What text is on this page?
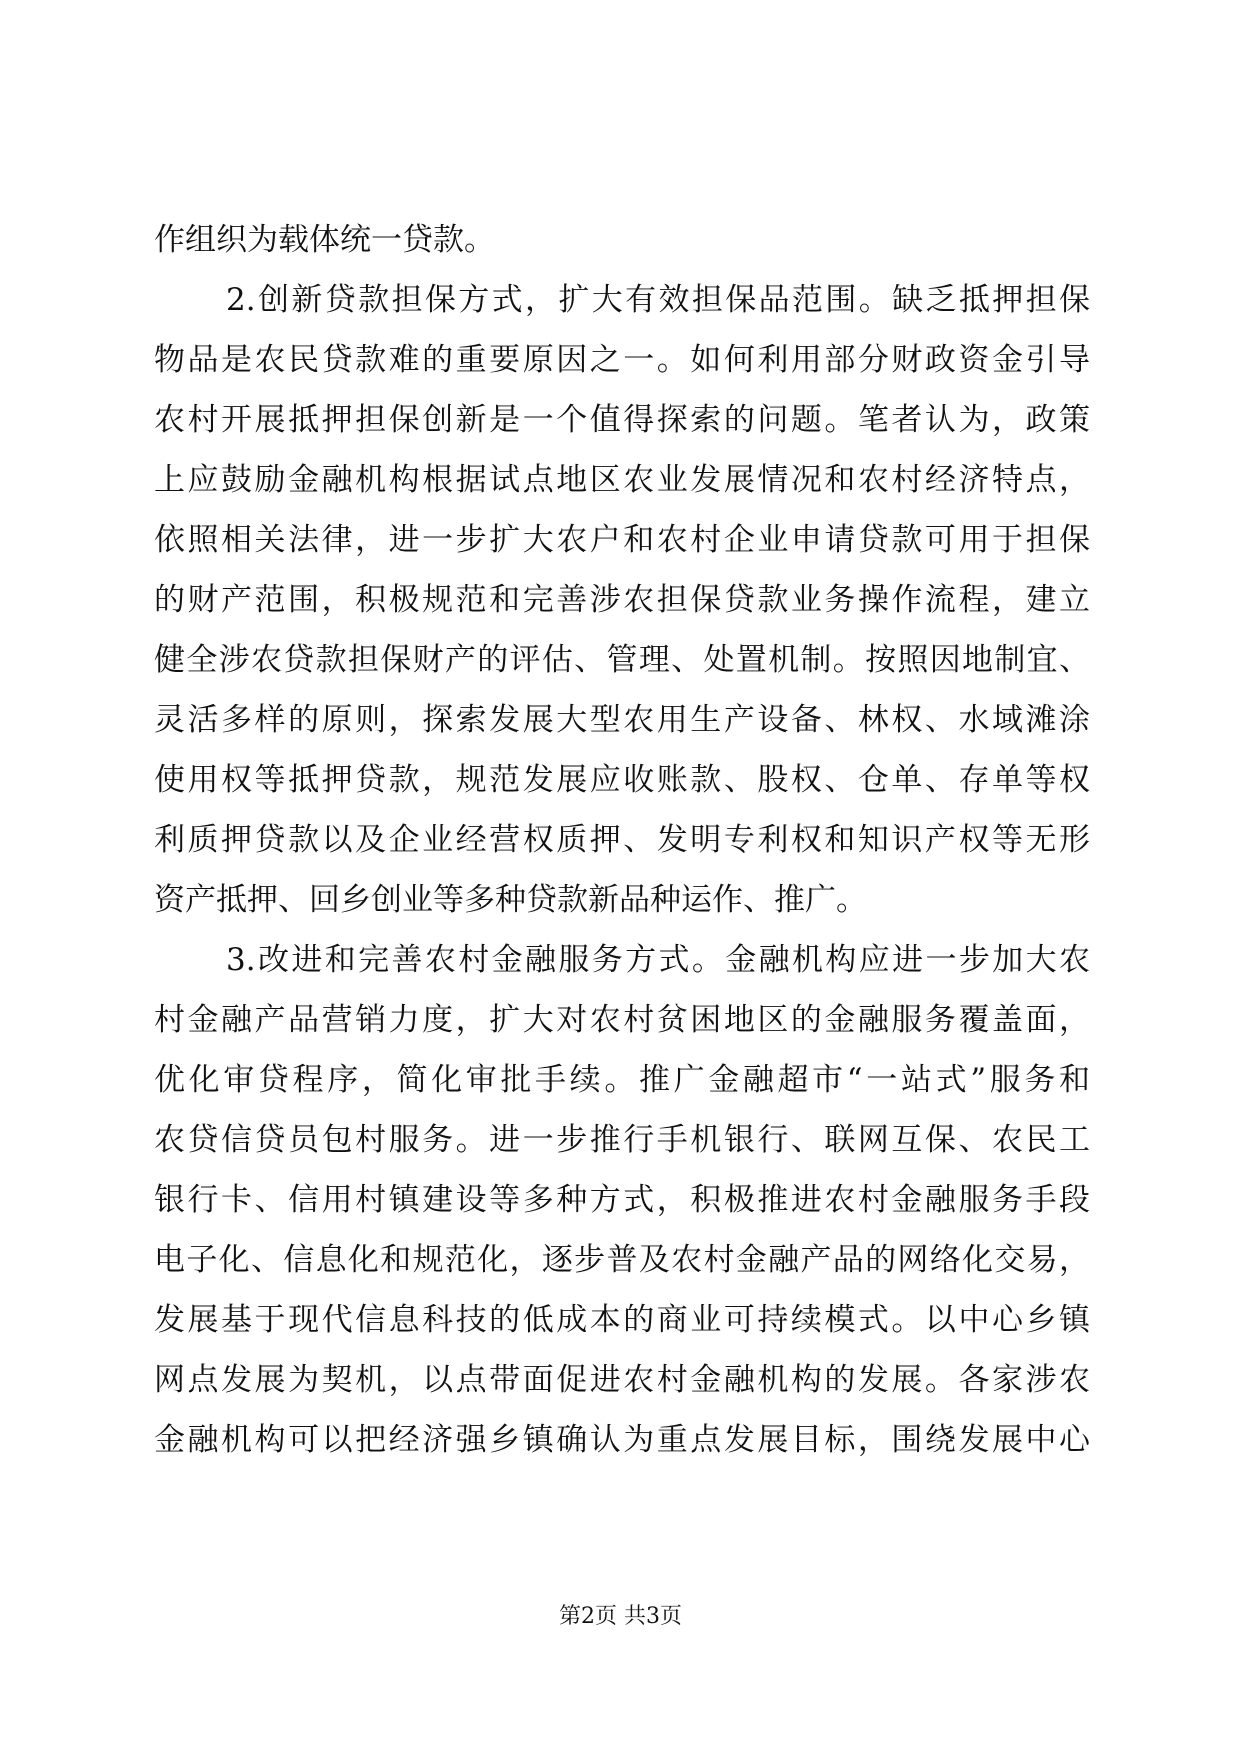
作组织为载体统一贷款。
2.创新贷款担保方式，扩大有效担保品范围。缺乏抵押担保
物品是农民贷款难的重要原因之一。如何利用部分财政资金引导
农村开展抵押担保创新是一个值得探索的问题。笔者认为，政策
上应鼓励金融机构根据试点地区农业发展情况和农村经济特点，
依照相关法律，进一步扩大农户和农村企业申请贷款可用于担保
的财产范围，积极规范和完善涉农担保贷款业务操作流程，建立
健全涉农贷款担保财产的评估、管理、处置机制。按照因地制宜、
灵活多样的原则，探索发展大型农用生产设备、林权、水域滩涂
使用权等抵押贷款，规范发展应收账款、股权、仓单、存单等权
利质押贷款以及企业经营权质押、发明专利权和知识产权等无形
资产抵押、回乡创业等多种贷款新品种运作、推广。
3.改进和完善农村金融服务方式。金融机构应进一步加大农
村金融产品营销力度，扩大对农村贫困地区的金融服务覆盖面，
优化审贷程序，简化审批手续。推广金融超市“一站式”服务和
农贷信贷员包村服务。进一步推行手机银行、联网互保、农民工
银行卡、信用村镇建设等多种方式，积极推进农村金融服务手段
电子化、信息化和规范化，逐步普及农村金融产品的网络化交易，
发展基于现代信息科技的低成本的商业可持续模式。以中心乡镇
网点发展为契机，以点带面促进农村金融机构的发展。各家涉农
金融机构可以把经济强乡镇确认为重点发展目标，围绕发展中心
第2页 共3页
